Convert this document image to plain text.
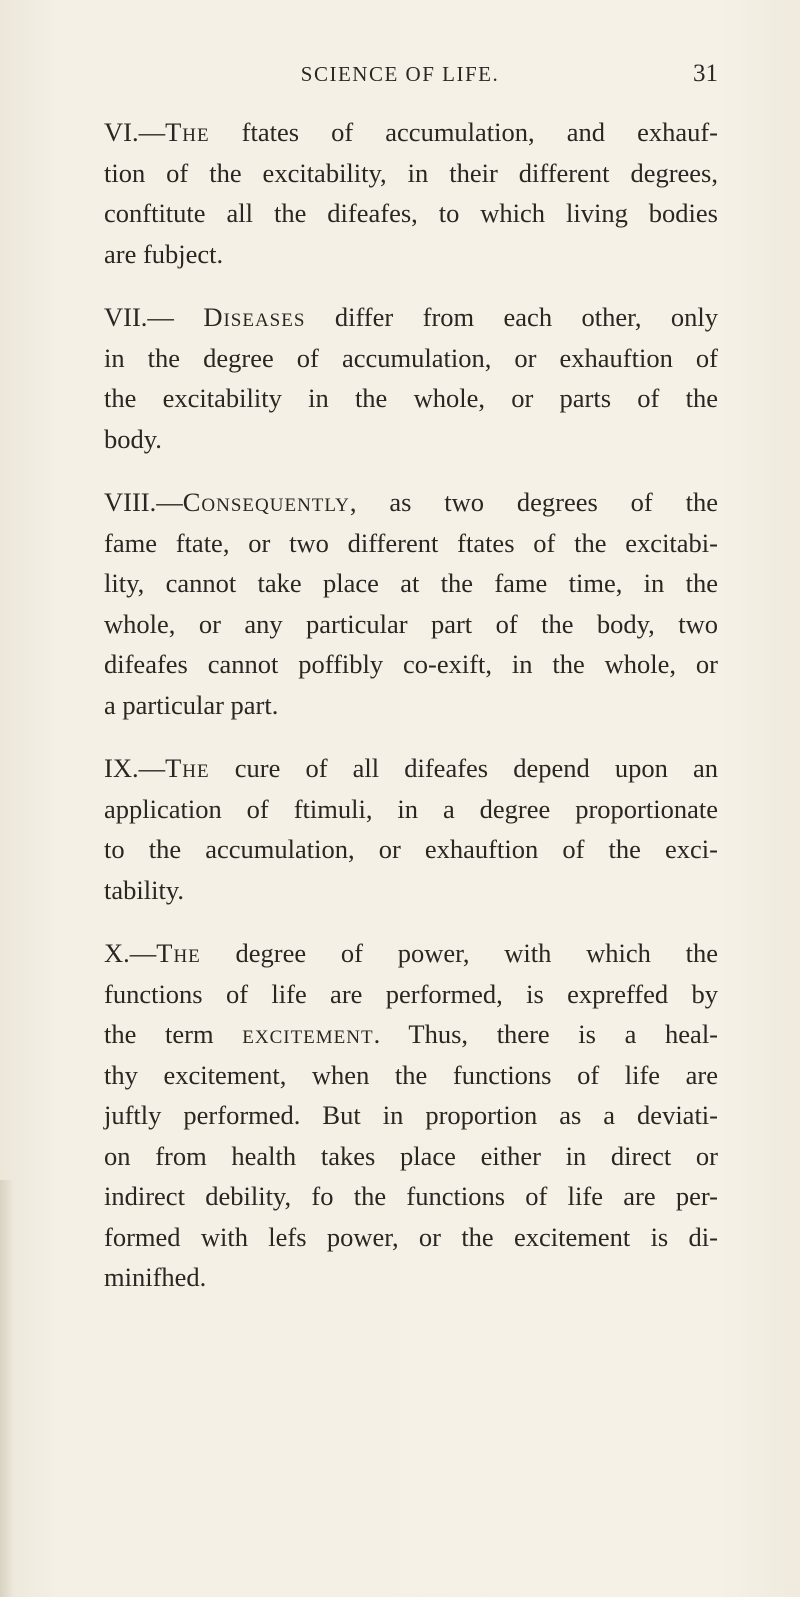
SCIENCE OF LIFE.	31

VI.—The ftates of accumulation, and exhauf-
tion of the excitability, in their different degrees,
conftitute all the difeafes, to which living bodies
are fubject.

VII.— Diseases differ from each other, only
in the degree of accumulation, or exhauftion of
the excitability in the whole, or parts of the
body.

VIII.—Consequently, as two degrees of the
fame ftate, or two different ftates of the excitabi-
lity, cannot take place at the fame time, in the
whole, or any particular part of the body, two
difeafes cannot poffibly co-exift, in the whole, or
a particular part.

IX.—The cure of all difeafes depend upon an
application of ftimuli, in a degree proportionate
to the accumulation, or exhauftion of the exci-
tability.

X.—The degree of power, with which the
functions of life are performed, is expreffed by
the term excitement. Thus, there is a heal-
thy excitement, when the functions of life are
juftly performed. But in proportion as a deviati-
on from health takes place either in direct or
indirect debility, fo the functions of life are per-
formed with lefs power, or the excitement is di-
minifhed.
